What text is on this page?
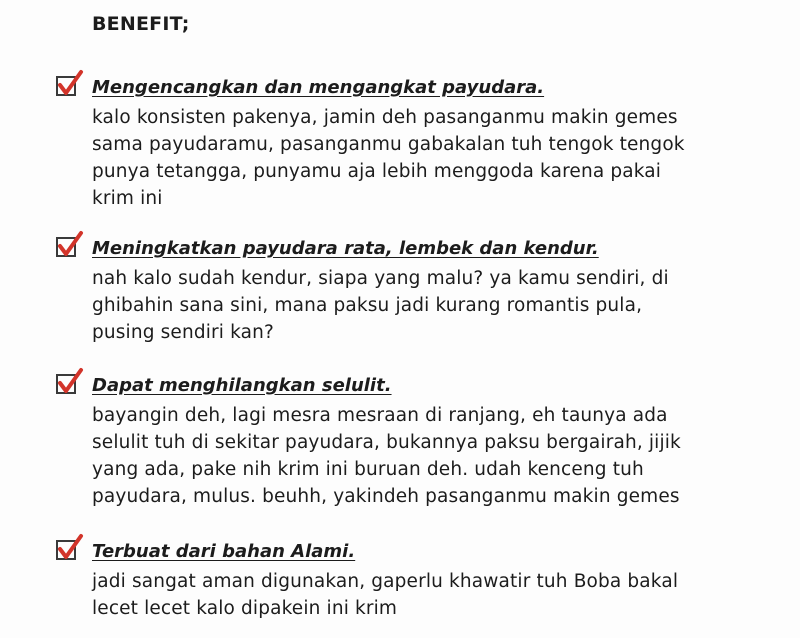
BENEFIT;
Mengencangkan dan mengangkat payudara.
kalo konsisten pakenya, jamin deh pasanganmu makin gemes
sama payudaramu, pasanganmu gabakalan tuh tengok tengok
punya tetangga, punyamu aja lebih menggoda karena pakai
krim ini
Meningkatkan payudara rata, lembek dan kendur.
nah kalo sudah kendur, siapa yang malu? ya kamu sendiri, di
ghibahin sana sini, mana paksu jadi kurang romantis pula,
pusing sendiri kan?
Dapat menghilangkan selulit.
bayangin deh, lagi mesra mesraan di ranjang, eh taunya ada
selulit tuh di sekitar payudara, bukannya paksu bergairah, jijik
yang ada, pake nih krim ini buruan deh. udah kenceng tuh
payudara, mulus. beuhh, yakindeh pasanganmu makin gemes
Terbuat dari bahan Alami.
jadi sangat aman digunakan, gaperlu khawatir tuh Boba bakal
lecet lecet kalo dipakein ini krim
